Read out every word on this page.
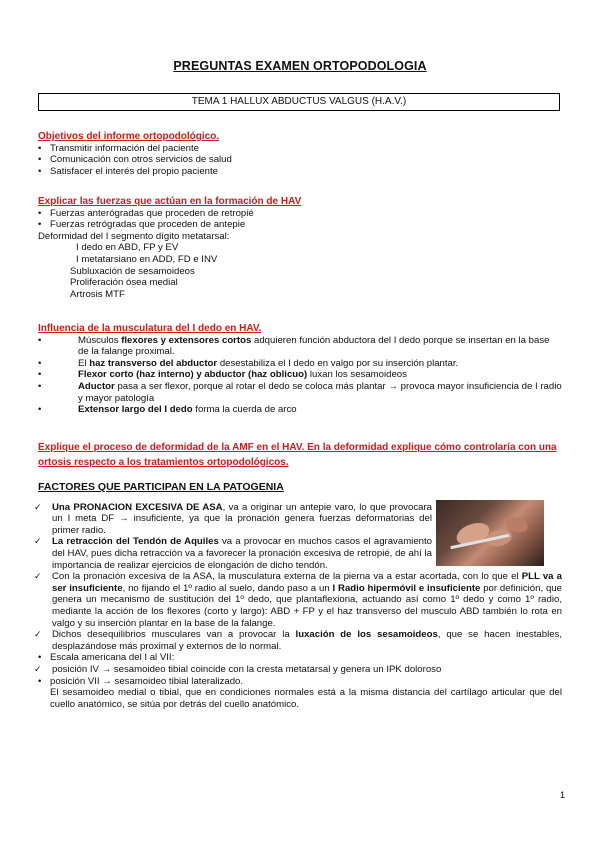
PREGUNTAS EXAMEN ORTOPODOLOGIA
TEMA 1 HALLUX ABDUCTUS VALGUS (H.A.V.)

Objetivos del informe ortopodológico.

• Transmitir información del paciente

• Comunicación con otros servicios de salud

• Satisfacer el interés del propio paciente

Explicar las fuerzas que actúan en la formación de HAV

• Fuerzas anterógradas que proceden de retropié

• Fuerzas retrógradas que proceden de antepie

Deformidad del I segmento dígito metatarsal:

I dedo en ABD, FP y EV

I metatarsiano en ADD, FD e INV

Subluxación de sesamoideos

Proliferación ósea medial

Artrosis MTF

Influencia de la musculatura del I dedo en HAV.

• Músculos flexores y extensores cortos adquieren función abductora del I dedo porque se insertan en la base de la falange proximal.

• El haz transverso del abductor desestabiliza el I dedo en valgo por su inserción plantar.

• Flexor corto (haz interno) y abductor (haz oblicuo) luxan los sesamoideos

• Aductor pasa a ser flexor, porque al rotar el dedo se coloca más plantar → provoca mayor insuficiencia de I radio y mayor patología

• Extensor largo del I dedo forma la cuerda de arco

Explique el proceso de deformidad de la AMF en el HAV. En la deformidad explique cómo controlaría con una ortosis respecto a los tratamientos ortopodológicos.

FACTORES QUE PARTICIPAN EN LA PATOGENIA

✓ Una PRONACION EXCESIVA DE ASA, va a originar un antepie varo, lo que provocara un I meta DF → insuficiente, ya que la pronación genera fuerzas deformatorias del primer radio.

✓ La retracción del Tendón de Aquiles va a provocar en muchos casos el agravamiento del HAV, pues dicha retracción va a favorecer la pronación excesiva de retropié, de ahí la importancia de realizar ejercicios de elongación de dicho tendón.

✓ Con la pronación excesiva de la ASA, la musculatura externa de la pierna va a estar acortada, con lo que el PLL va a ser insuficiente, no fijando el 1º radio al suelo, dando paso a un I Radio hipermóvil e insuficiente por definición, que genera un mecanismo de sustitución del 1º dedo, que plantaflexiona, actuando así como 1º dedo y como 1º radio, mediante la acción de los flexores (corto y largo): ABD + FP y el haz transverso del musculo ABD también lo rota en valgo y su inserción plantar en la base de la falange.

✓ Dichos desequilibrios musculares van a provocar la luxación de los sesamoideos, que se hacen inestables, desplazándose más proximal y externos de lo normal.

• Escala americana del I al VII:

✓ posición IV → sesamoideo tibial coincide con la cresta metatarsal y genera un IPK doloroso

• posición VII → sesamoideo tibial lateralizado.

El sesamoideo medial o tibial, que en condiciones normales está a la misma distancia del cartílago articular que del cuello anatómico, se sitúa por detrás del cuello anatómico.

1
